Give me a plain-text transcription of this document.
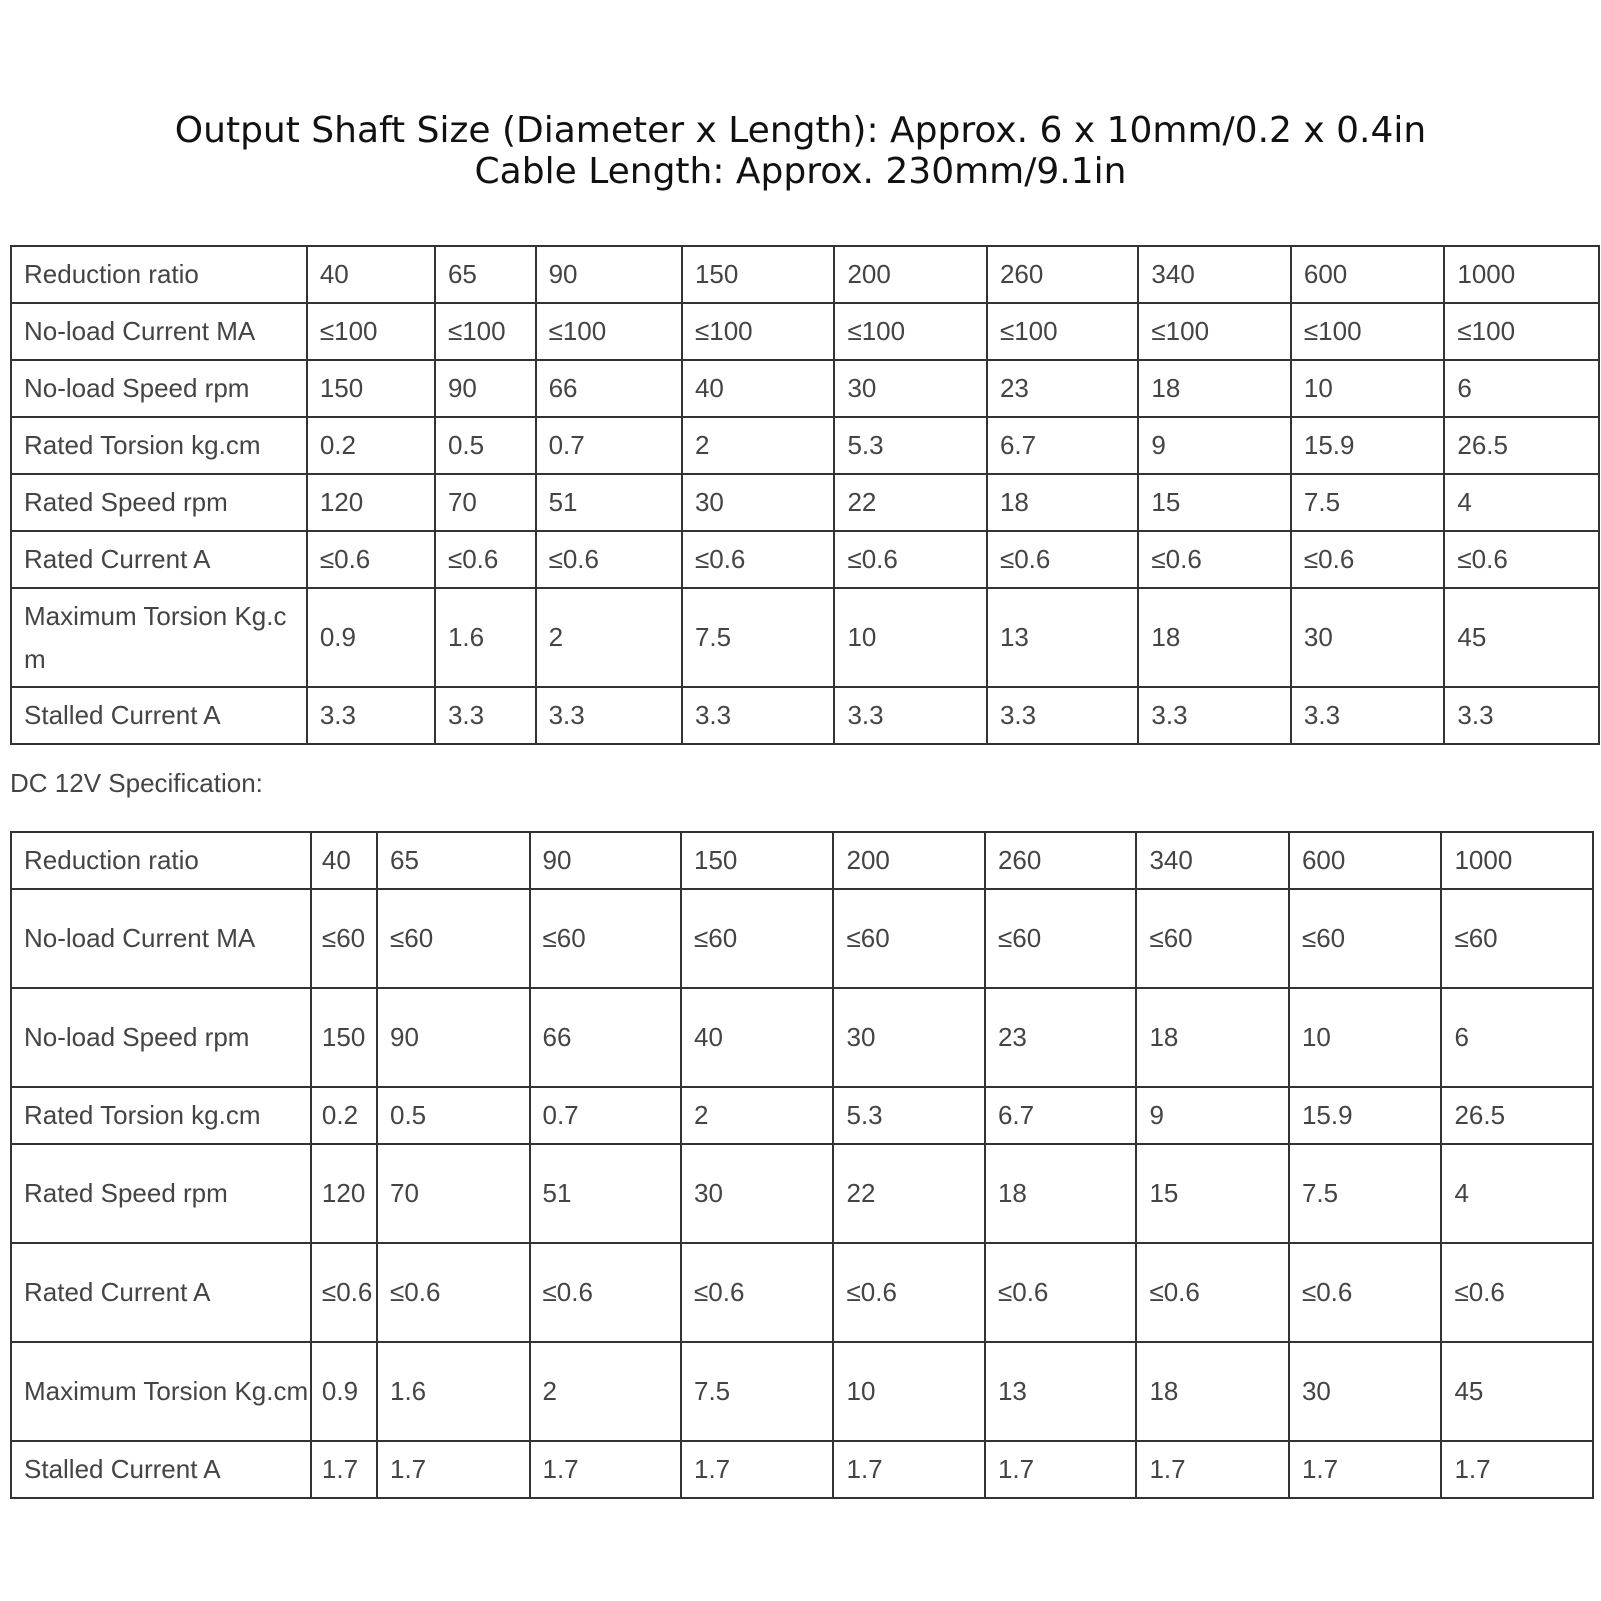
Output Shaft Size (Diameter x Length): Approx. 6 x 10mm/0.2 x 0.4in
Cable Length: Approx. 230mm/9.1in
Reduction ratio	40	65	90	150	200	260	340	600	1000
No-load Current MA	≤100	≤100	≤100	≤100	≤100	≤100	≤100	≤100	≤100
No-load Speed rpm	150	90	66	40	30	23	18	10	6
Rated Torsion kg.cm	0.2	0.5	0.7	2	5.3	6.7	9	15.9	26.5
Rated Speed rpm	120	70	51	30	22	18	15	7.5	4
Rated Current A	≤0.6	≤0.6	≤0.6	≤0.6	≤0.6	≤0.6	≤0.6	≤0.6	≤0.6
Maximum Torsion Kg.cm	0.9	1.6	2	7.5	10	13	18	30	45
Stalled Current A	3.3	3.3	3.3	3.3	3.3	3.3	3.3	3.3	3.3
DC 12V Specification:
Reduction ratio	40	65	90	150	200	260	340	600	1000
No-load Current MA	≤60	≤60	≤60	≤60	≤60	≤60	≤60	≤60	≤60
No-load Speed rpm	150	90	66	40	30	23	18	10	6
Rated Torsion kg.cm	0.2	0.5	0.7	2	5.3	6.7	9	15.9	26.5
Rated Speed rpm	120	70	51	30	22	18	15	7.5	4
Rated Current A	≤0.6	≤0.6	≤0.6	≤0.6	≤0.6	≤0.6	≤0.6	≤0.6	≤0.6
Maximum Torsion Kg.cm	0.9	1.6	2	7.5	10	13	18	30	45
Stalled Current A	1.7	1.7	1.7	1.7	1.7	1.7	1.7	1.7	1.7
